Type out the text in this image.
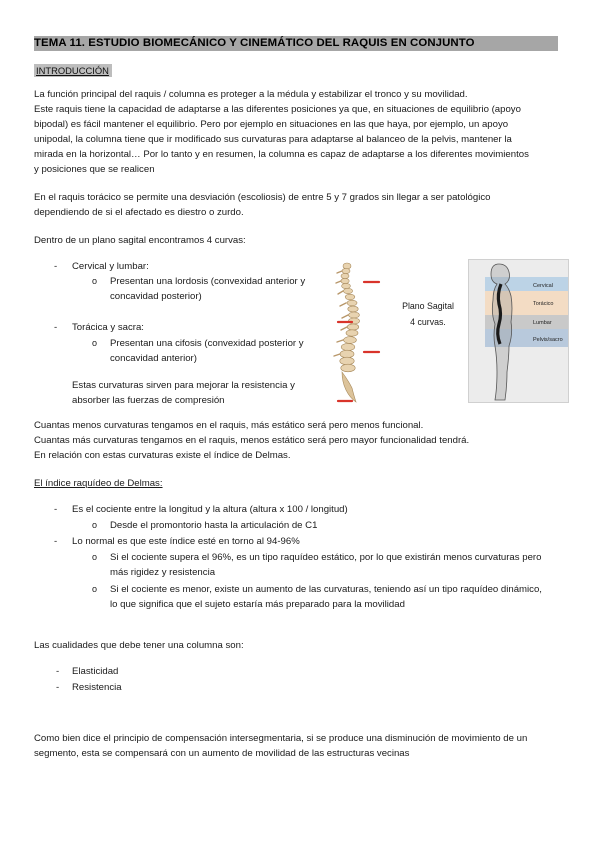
TEMA 11. ESTUDIO BIOMECÁNICO Y CINEMÁTICO DEL RAQUIS EN CONJUNTO
INTRODUCCIÓN
La función principal del raquis / columna es proteger a la médula y estabilizar el tronco y su movilidad.
Este raquis tiene la capacidad de adaptarse a las diferentes posiciones ya que, en situaciones de equilibrio (apoyo
bipodal) es fácil mantener el equilibrio. Pero por ejemplo en situaciones en las que haya, por ejemplo, un apoyo
unipodal, la columna tiene que ir modificado sus curvaturas para adaptarse al balanceo de la pelvis, mantener la
mirada en la horizontal… Por lo tanto y en resumen, la columna es capaz de adaptarse a los diferentes movimientos
y posiciones que se realicen
En el raquis torácico se permite una desviación (escoliosis) de entre 5 y 7 grados sin llegar a ser patológico
dependiendo de si el afectado es diestro o zurdo.
Dentro de un plano sagital encontramos 4 curvas:
- Cervical y lumbar:
o Presentan una lordosis (convexidad anterior y
concavidad posterior)
- Torácica y sacra:
o Presentan una cifosis (convexidad posterior y
concavidad anterior)
Estas curvaturas sirven para mejorar la resistencia y
absorber las fuerzas de compresión
Plano Sagital
4 curvas.
Cervical
Torácico
Lumbar
Pelvis/sacro
Cuantas menos curvaturas tengamos en el raquis, más estático será pero menos funcional.
Cuantas más curvaturas tengamos en el raquis, menos estático será pero mayor funcionalidad tendrá.
En relación con estas curvaturas existe el índice de Delmas.
El índice raquídeo de Delmas:
- Es el cociente entre la longitud y la altura (altura x 100 / longitud)
o Desde el promontorio hasta la articulación de C1
- Lo normal es que este índice esté en torno al 94-96%
o Si el cociente supera el 96%, es un tipo raquídeo estático, por lo que existirán menos curvaturas pero
más rigidez y resistencia
o Si el cociente es menor, existe un aumento de las curvaturas, teniendo así un tipo raquídeo dinámico,
lo que significa que el sujeto estaría más preparado para la movilidad
Las cualidades que debe tener una columna son:
- Elasticidad
- Resistencia
Como bien dice el principio de compensación intersegmentaria, si se produce una disminución de movimiento de un
segmento, esta se compensará con un aumento de movilidad de las estructuras vecinas
